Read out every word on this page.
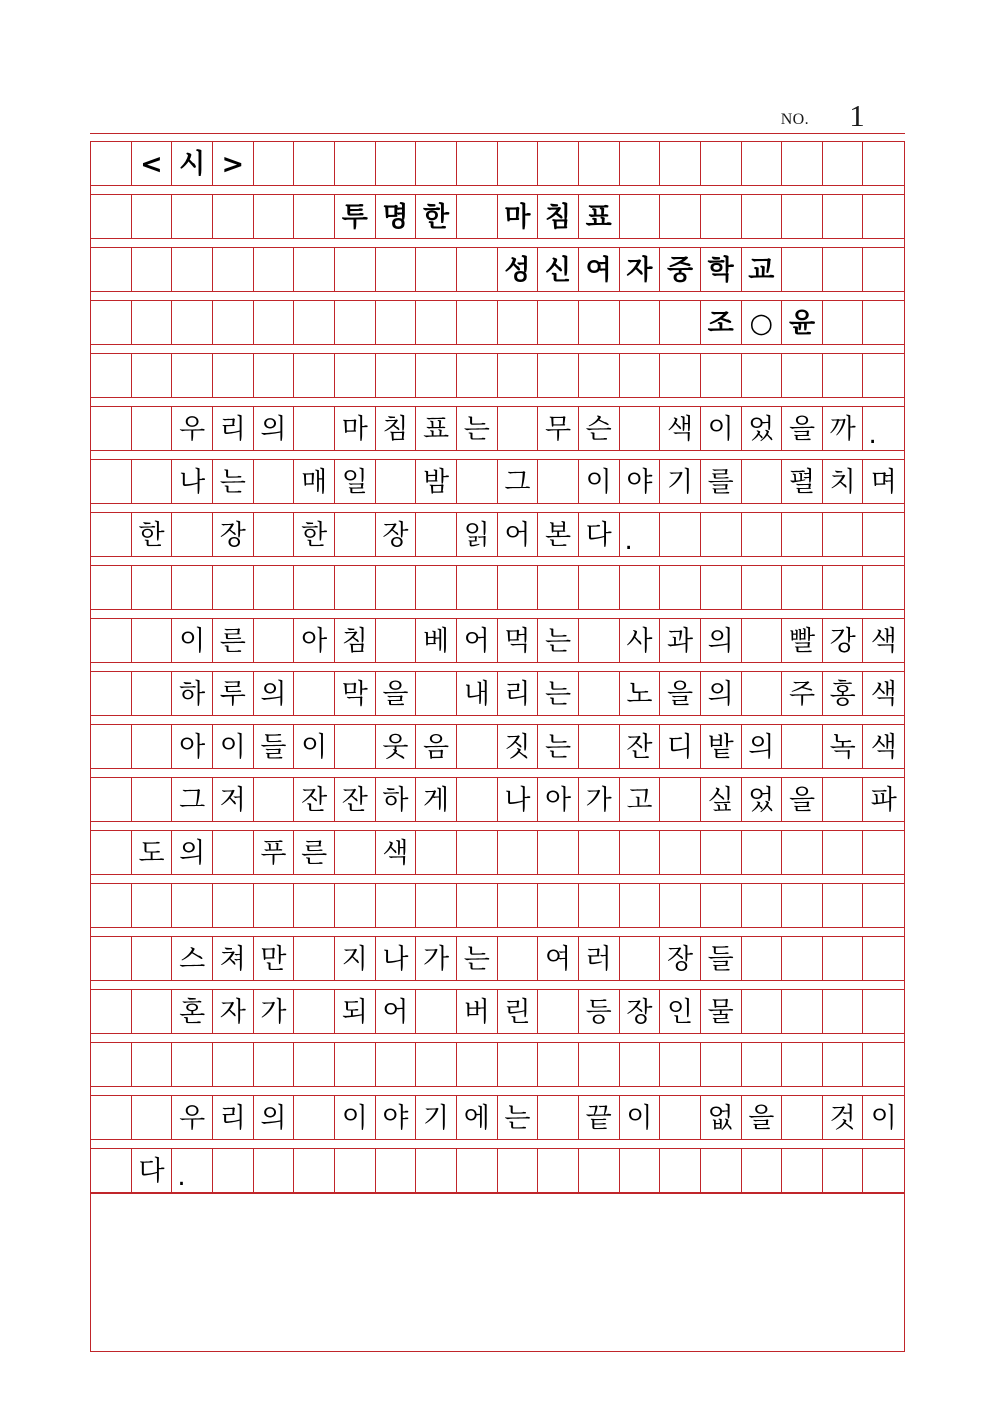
NO.	1
< 시 >
투 명 한 마 침 표
성 신 여 자 중 학 교
조 ○ 윤
우 리 의 마 침 표 는 무 슨 색 이 었 을 까 .
나 는 매 일 밤 그 이 야 기 를 펼 치 며
한 장 한 장 읽 어 본 다 .
이 른 아 침 베 어 먹 는 사 과 의 빨 강 색
하 루 의 막 을 내 리 는 노 을 의 주 홍 색
아 이 들 이 웃 음 짓 는 잔 디 밭 의 녹 색
그 저 잔 잔 하 게 나 아 가 고 싶 었 을 파
도 의 푸 른 색
스 쳐 만 지 나 가 는 여 러 장 들
혼 자 가 되 어 버 린 등 장 인 물
우 리 의 이 야 기 에 는 끝 이 없 을 것 이
다 .
